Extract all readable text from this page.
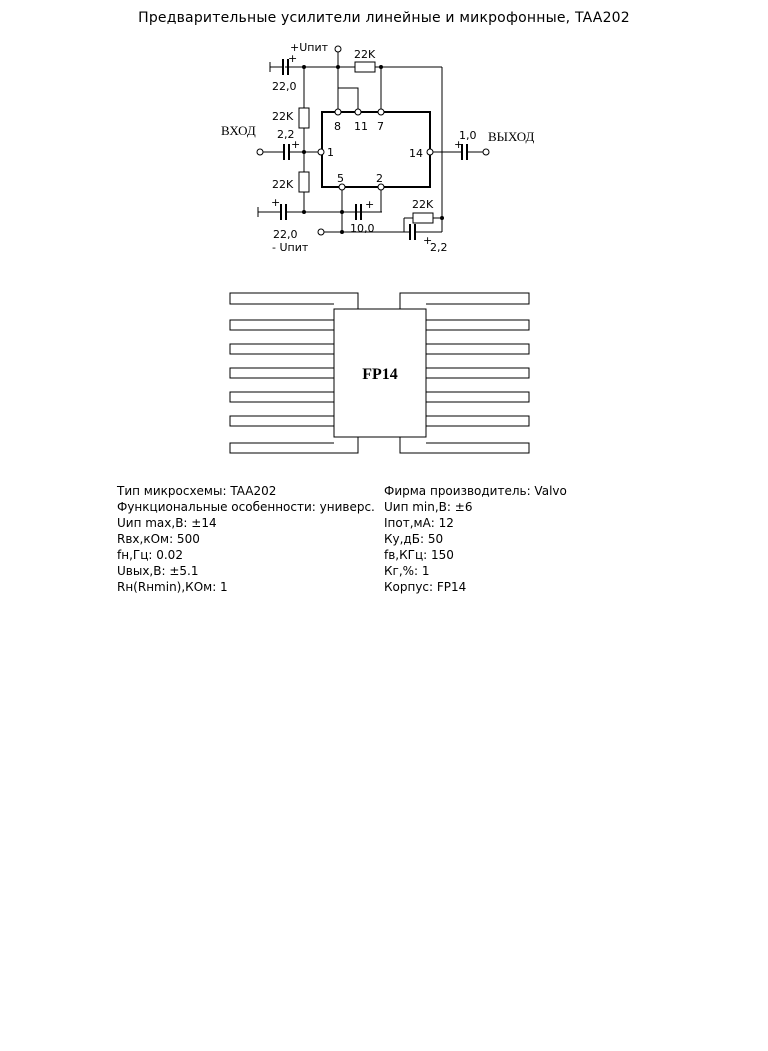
Предварительные усилители линейные и микрофонные, TAA202
+Uпит
22K
+
22,0
22K
8 11 7
2,2
+
1	14
1,0
+
5	2
22K
+	+	22K
10,0
22,0
- Uпит
+
2,2
ВХОД	ВЫХОД
FP14
Тип микросхемы: TAA202
Функциональные особенности: универс.
Uип max,В: ±14
Rвх,кОм: 500
fн,Гц: 0.02
Uвых,В: ±5.1
Rн(Rнmin),КОм: 1
Фирма производитель: Valvo
Uип min,В: ±6
Iпот,мА: 12
Ку,дБ: 50
fв,КГц: 150
Кг,%: 1
Корпус: FP14
